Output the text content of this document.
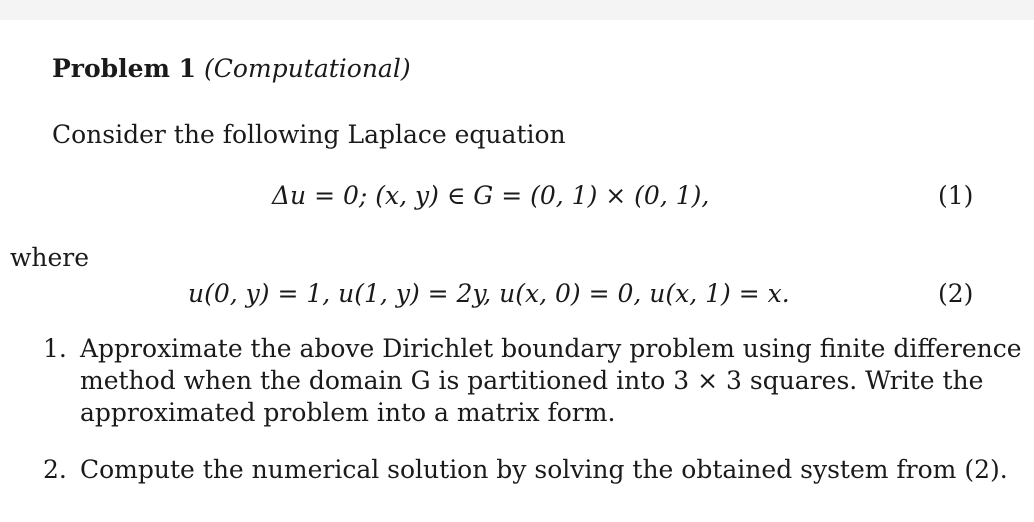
Problem 1 (Computational)
Consider the following Laplace equation
Δu = 0; (x, y) ∈ G = (0, 1) × (0, 1),	(1)
where
u(0, y) = 1, u(1, y) = 2y, u(x, 0) = 0, u(x, 1) = x.	(2)
1. Approximate the above Dirichlet boundary problem using finite difference
method when the domain G is partitioned into 3 × 3 squares. Write the
approximated problem into a matrix form.
2. Compute the numerical solution by solving the obtained system from (2).
